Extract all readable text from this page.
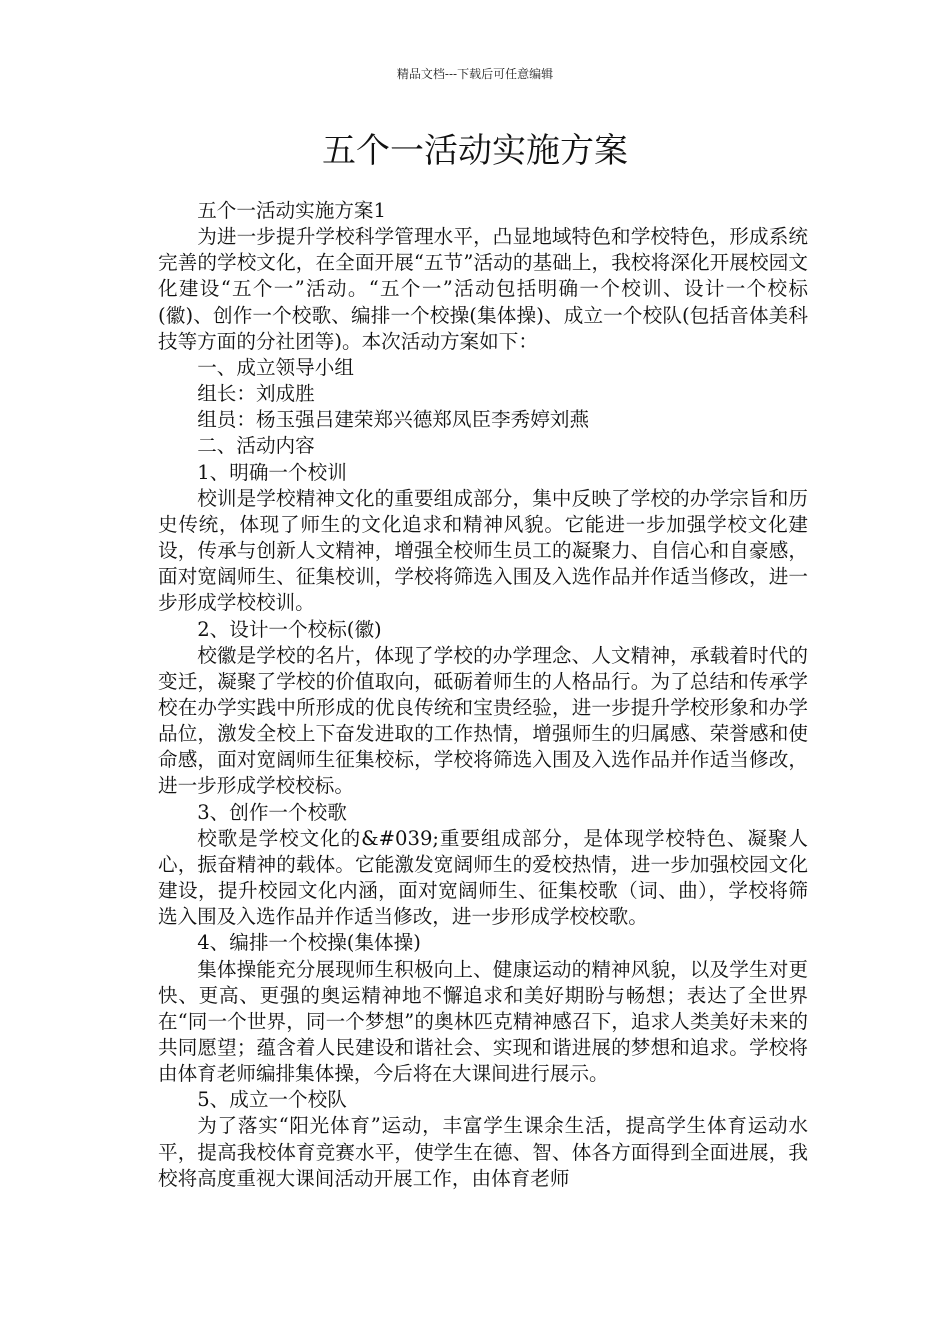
精品文档---下载后可任意编辑
五个一活动实施方案

五个一活动实施方案1

为进一步提升学校科学管理水平，凸显地域特色和学校特色，形成系统完善的学校文化，在全面开展“五节”活动的基础上，我校将深化开展校园文化建设“五个一”活动。“五个一”活动包括明确一个校训、设计一个校标(徽)、创作一个校歌、编排一个校操(集体操)、成立一个校队(包括音体美科技等方面的分社团等)。本次活动方案如下：

一、成立领导小组

组长：刘成胜

组员：杨玉强吕建荣郑兴德郑凤臣李秀婷刘燕

二、活动内容

1、明确一个校训

校训是学校精神文化的重要组成部分，集中反映了学校的办学宗旨和历史传统，体现了师生的文化追求和精神风貌。它能进一步加强学校文化建设，传承与创新人文精神，增强全校师生员工的凝聚力、自信心和自豪感，面对宽阔师生、征集校训，学校将筛选入围及入选作品并作适当修改，进一步形成学校校训。

2、设计一个校标(徽)

校徽是学校的名片，体现了学校的办学理念、人文精神，承载着时代的变迁，凝聚了学校的价值取向，砥砺着师生的人格品行。为了总结和传承学校在办学实践中所形成的优良传统和宝贵经验，进一步提升学校形象和办学品位，激发全校上下奋发进取的工作热情，增强师生的归属感、荣誉感和使命感，面对宽阔师生征集校标，学校将筛选入围及入选作品并作适当修改，进一步形成学校校标。

3、创作一个校歌

校歌是学校文化的&#039;重要组成部分，是体现学校特色、凝聚人心，振奋精神的载体。它能激发宽阔师生的爱校热情，进一步加强校园文化建设，提升校园文化内涵，面对宽阔师生、征集校歌（词、曲），学校将筛选入围及入选作品并作适当修改，进一步形成学校校歌。

4、编排一个校操(集体操)

集体操能充分展现师生积极向上、健康运动的精神风貌，以及学生对更快、更高、更强的奥运精神地不懈追求和美好期盼与畅想；表达了全世界在“同一个世界，同一个梦想”的奥林匹克精神感召下，追求人类美好未来的共同愿望；蕴含着人民建设和谐社会、实现和谐进展的梦想和追求。学校将由体育老师编排集体操，今后将在大课间进行展示。

5、成立一个校队

为了落实“阳光体育”运动，丰富学生课余生活，提高学生体育运动水平，提高我校体育竞赛水平，使学生在德、智、体各方面得到全面进展，我校将高度重视大课间活动开展工作，由体育老师
